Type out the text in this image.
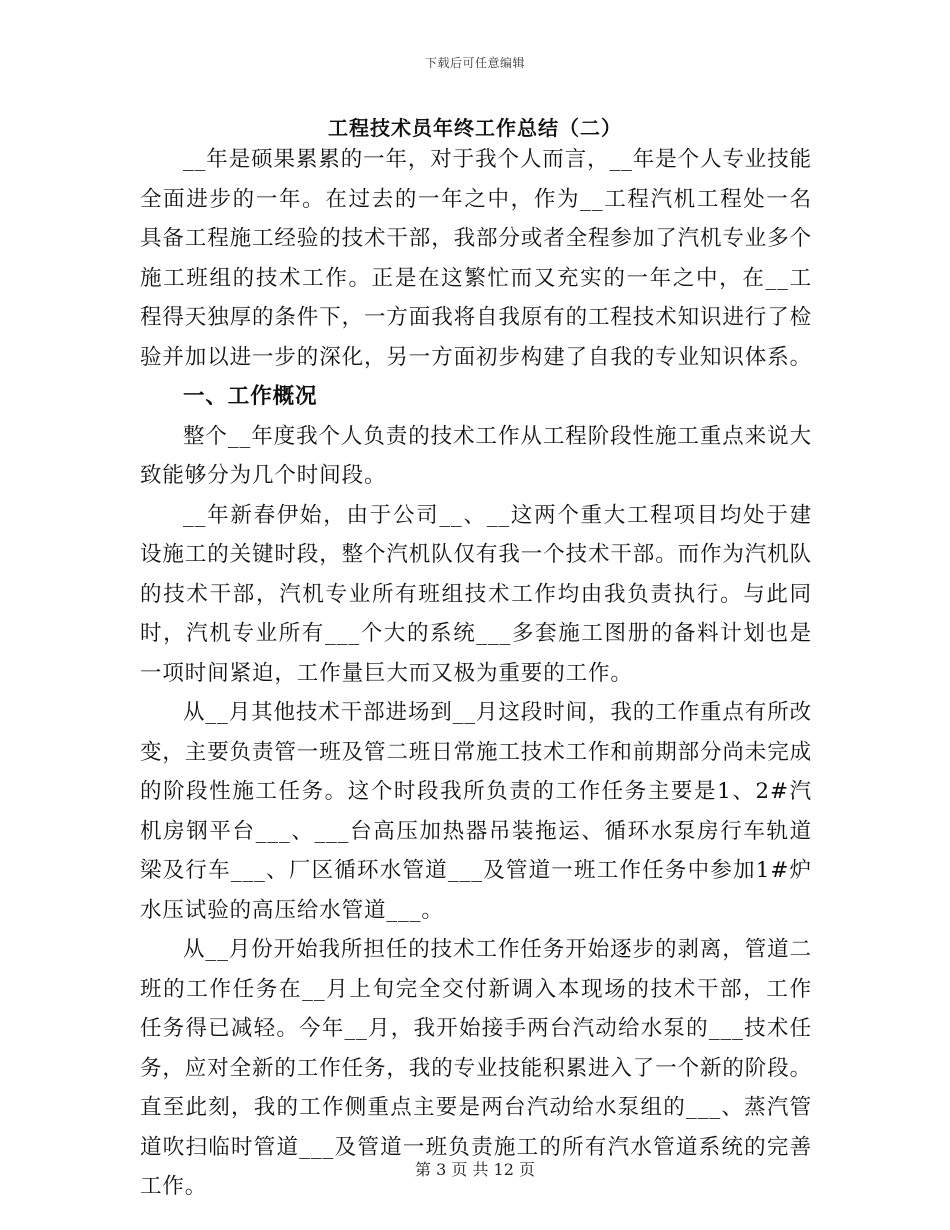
下载后可任意编辑
工程技术员年终工作总结（二）

__年是硕果累累的一年，对于我个人而言，__年是个人专业技能全面进步的一年。在过去的一年之中，作为__工程汽机工程处一名具备工程施工经验的技术干部，我部分或者全程参加了汽机专业多个施工班组的技术工作。正是在这繁忙而又充实的一年之中，在__工程得天独厚的条件下，一方面我将自我原有的工程技术知识进行了检验并加以进一步的深化，另一方面初步构建了自我的专业知识体系。

一、工作概况

整个__年度我个人负责的技术工作从工程阶段性施工重点来说大致能够分为几个时间段。

__年新春伊始，由于公司__、__这两个重大工程项目均处于建设施工的关键时段，整个汽机队仅有我一个技术干部。而作为汽机队的技术干部，汽机专业所有班组技术工作均由我负责执行。与此同时，汽机专业所有___个大的系统___多套施工图册的备料计划也是一项时间紧迫，工作量巨大而又极为重要的工作。

从__月其他技术干部进场到__月这段时间，我的工作重点有所改变，主要负责管一班及管二班日常施工技术工作和前期部分尚未完成的阶段性施工任务。这个时段我所负责的工作任务主要是1、2#汽机房钢平台___、___台高压加热器吊装拖运、循环水泵房行车轨道梁及行车___、厂区循环水管道___及管道一班工作任务中参加1#炉水压试验的高压给水管道___。

从__月份开始我所担任的技术工作任务开始逐步的剥离，管道二班的工作任务在__月上旬完全交付新调入本现场的技术干部，工作任务得已减轻。今年__月，我开始接手两台汽动给水泵的___技术任务，应对全新的工作任务，我的专业技能积累进入了一个新的阶段。直至此刻，我的工作侧重点主要是两台汽动给水泵组的___、蒸汽管道吹扫临时管道___及管道一班负责施工的所有汽水管道系统的完善工作。

第 3 页 共 12 页
